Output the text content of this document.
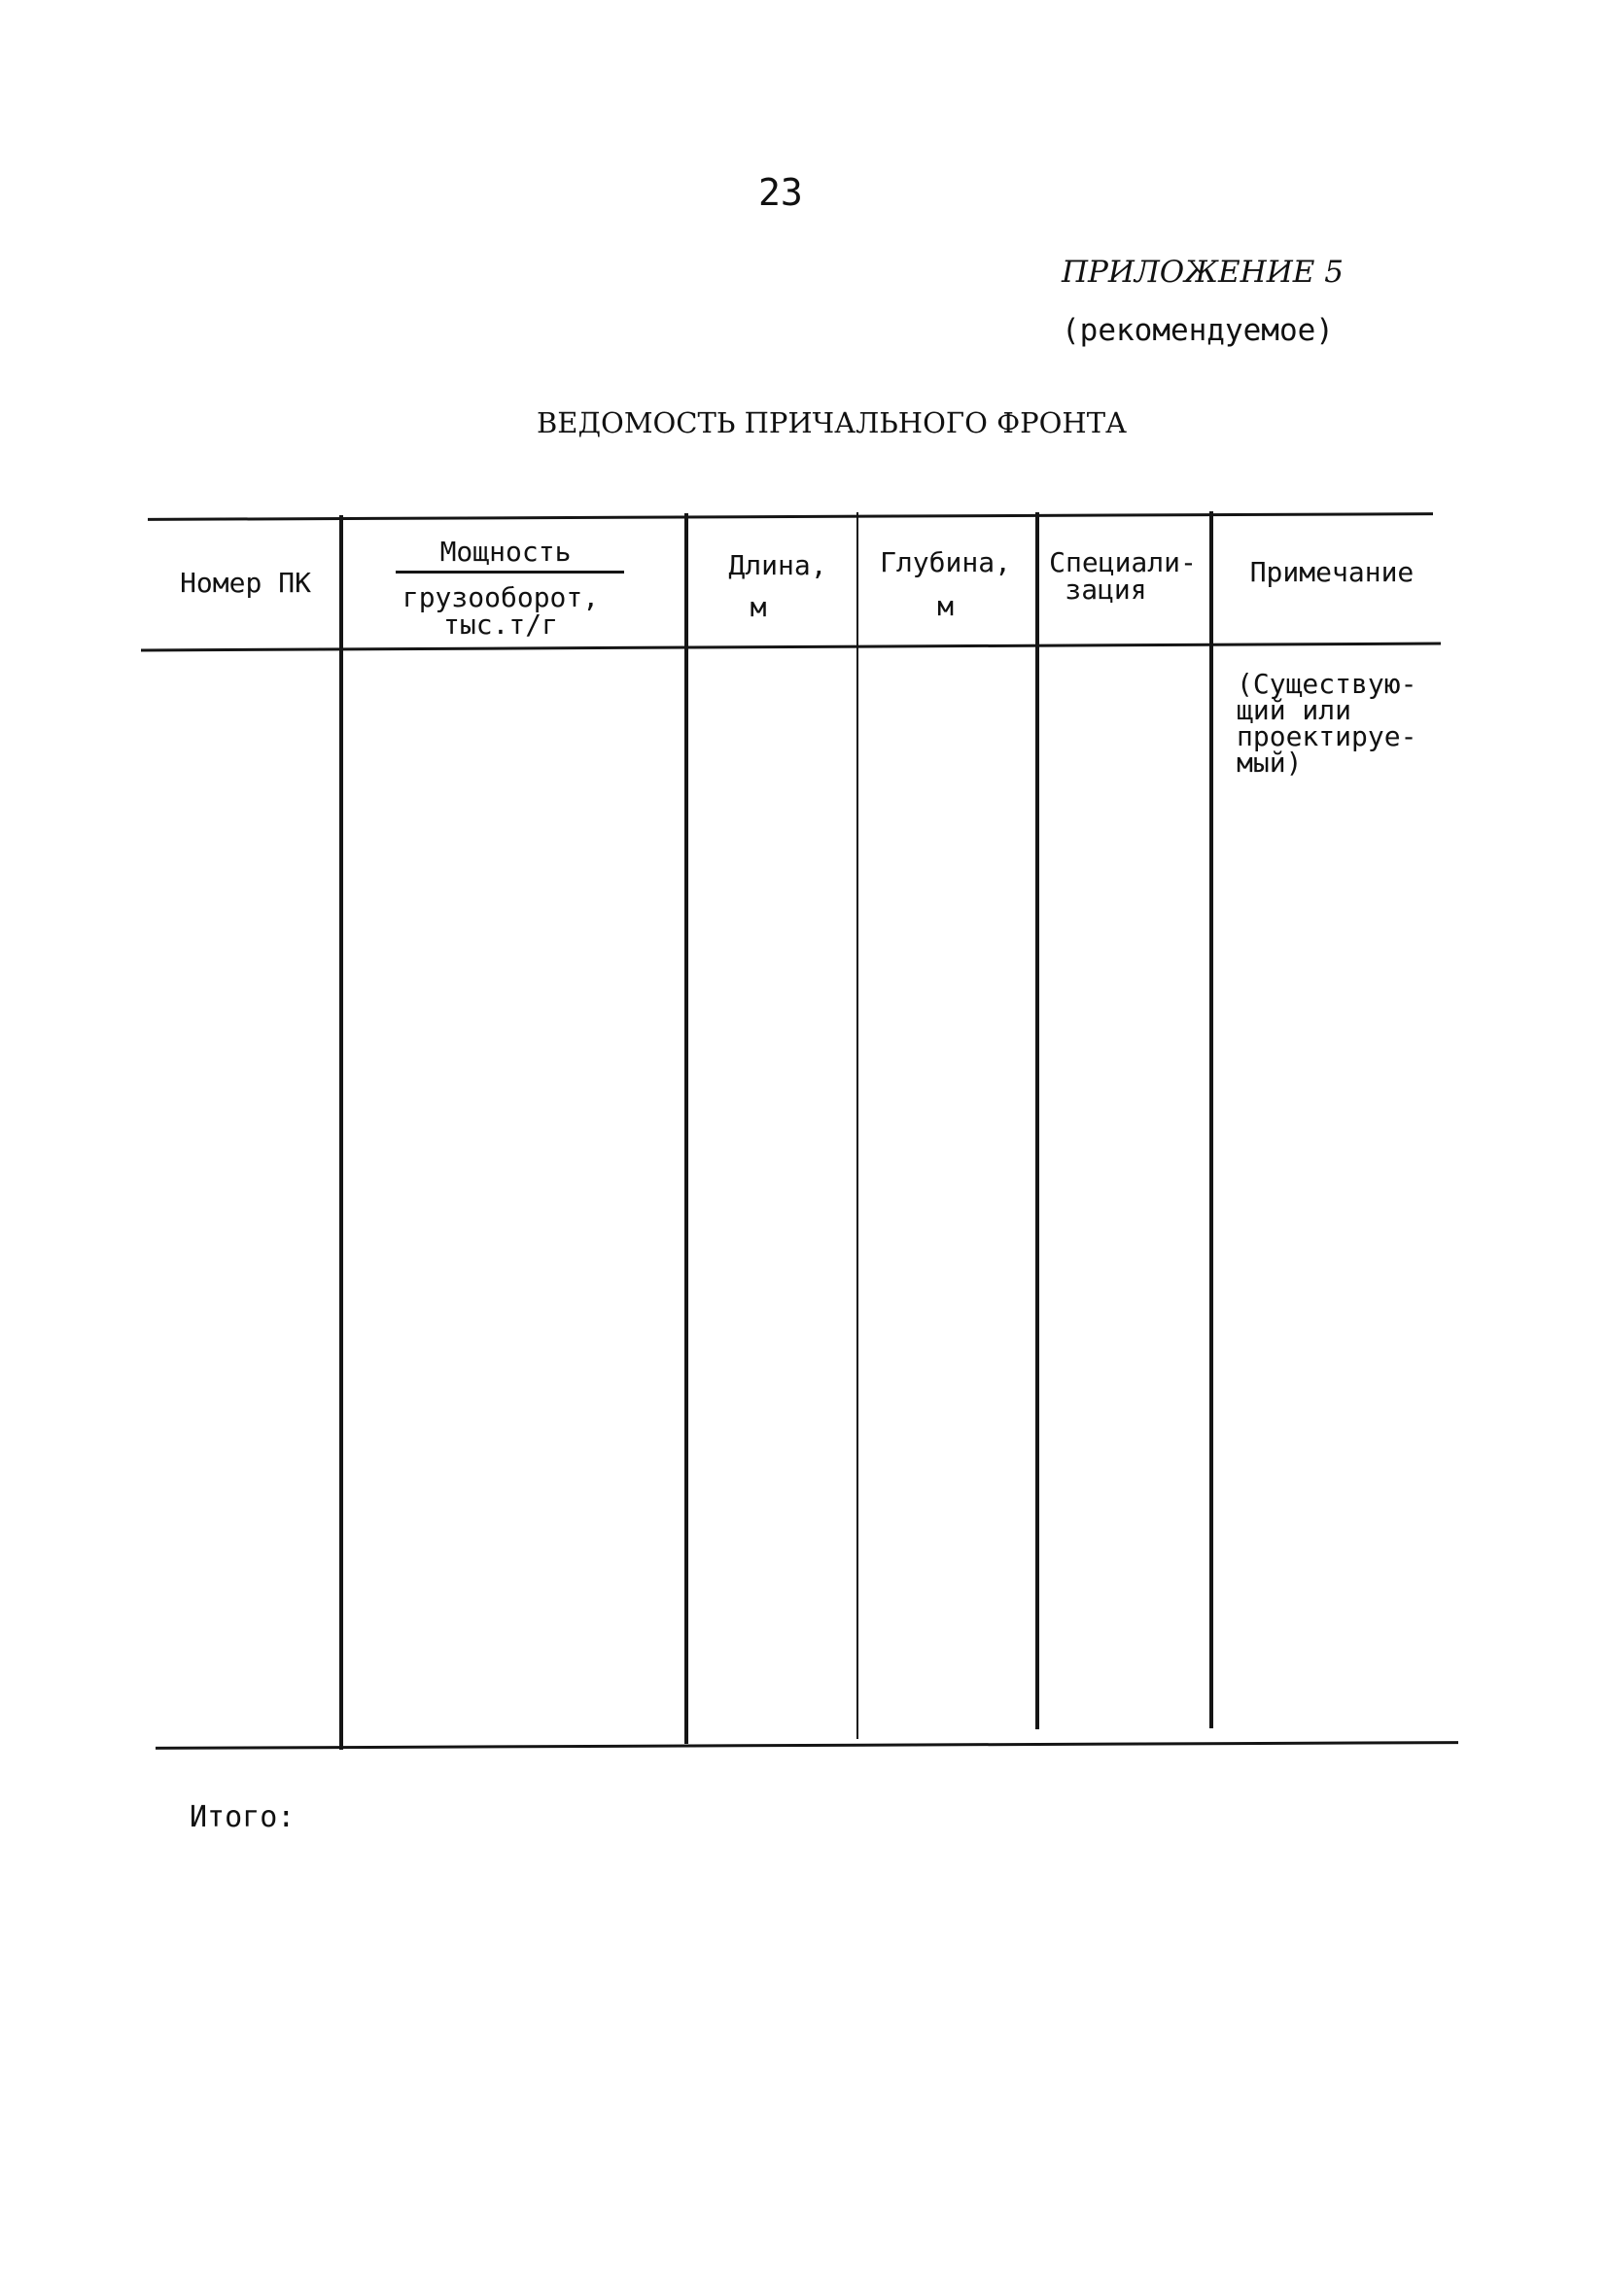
23
ПРИЛОЖЕНИЕ 5
(рекомендуемое)
ВЕДОМОСТЬ ПРИЧАЛЬНОГО ФРОНТА
Номер ПК
Мощность
грузооборот,
тыс.т/г
Длина,
м
Глубина,
м
Специали-
зация
Примечание
(Существую-
щий или
проектируе-
мый)
Итого:
